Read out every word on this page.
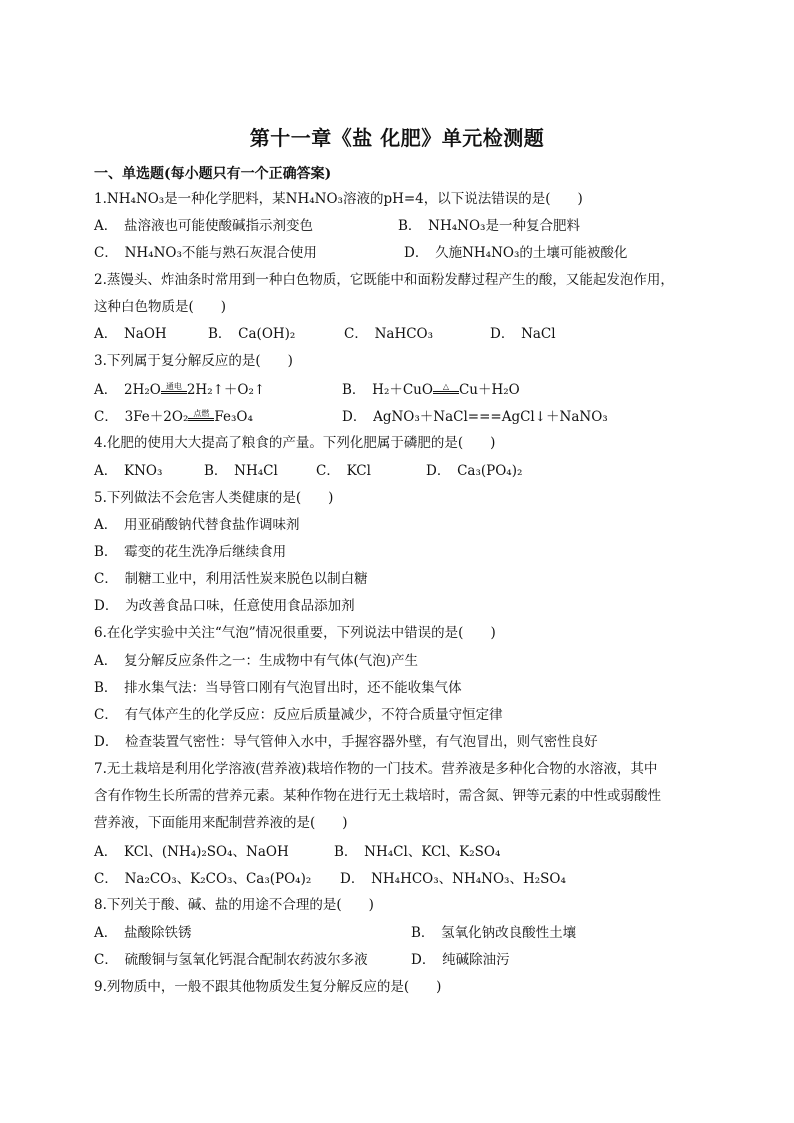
第十一章《盐 化肥》单元检测题
一、单选题(每小题只有一个正确答案)
1.NH₄NO₃是一种化学肥料，某NH₄NO₃溶液的pH=4，以下说法错误的是(　　)
A．　盐溶液也可能使酸碱指示剂变色	B．　NH₄NO₃是一种复合肥料
C．　NH₄NO₃不能与熟石灰混合使用	D．　久施NH₄NO₃的土壤可能被酸化
2.蒸馒头、炸油条时常用到一种白色物质，它既能中和面粉发酵过程产生的酸，又能起发泡作用，
这种白色物质是(　　)
A．　NaOH	B．　Ca(OH)₂	C．　NaHCO₃	D．　NaCl
3.下列属于复分解反应的是(　　)
A．　2H₂O 通电 2H₂↑＋O₂↑	B．　H₂＋CuO	△ Cu＋H₂O
C．　3Fe＋2O₂ 点燃 Fe₃O₄	D．　AgNO₃＋NaCl===AgCl↓＋NaNO₃
4.化肥的使用大大提高了粮食的产量。下列化肥属于磷肥的是(　　)
A．　KNO₃	B．　NH₄Cl	C．　KCl	D．　Ca₃(PO₄)₂
5.下列做法不会危害人类健康的是(　　)
A．　用亚硝酸钠代替食盐作调味剂
B．　霉变的花生洗净后继续食用
C．　制糖工业中，利用活性炭来脱色以制白糖
D．　为改善食品口味，任意使用食品添加剂
6.在化学实验中关注“气泡”情况很重要，下列说法中错误的是(　　)
A．　复分解反应条件之一：生成物中有气体(气泡)产生
B．　排水集气法：当导管口刚有气泡冒出时，还不能收集气体
C．　有气体产生的化学反应：反应后质量减少，不符合质量守恒定律
D．　检查装置气密性：导气管伸入水中，手握容器外壁，有气泡冒出，则气密性良好
7.无土栽培是利用化学溶液(营养液)栽培作物的一门技术。营养液是多种化合物的水溶液，其中
含有作物生长所需的营养元素。某种作物在进行无土栽培时，需含氮、钾等元素的中性或弱酸性
营养液，下面能用来配制营养液的是(　　)
A．　KCl、(NH₄)₂SO₄、NaOH	B．　NH₄Cl、KCl、K₂SO₄
C．　Na₂CO₃、K₂CO₃、Ca₃(PO₄)₂ D．　NH₄HCO₃、NH₄NO₃、H₂SO₄
8.下列关于酸、碱、盐的用途不合理的是(　　)
A．　盐酸除铁锈	B．　氢氧化钠改良酸性土壤
C．　硫酸铜与氢氧化钙混合配制农药波尔多液	D．　纯碱除油污
9.列物质中，一般不跟其他物质发生复分解反应的是(　　)
